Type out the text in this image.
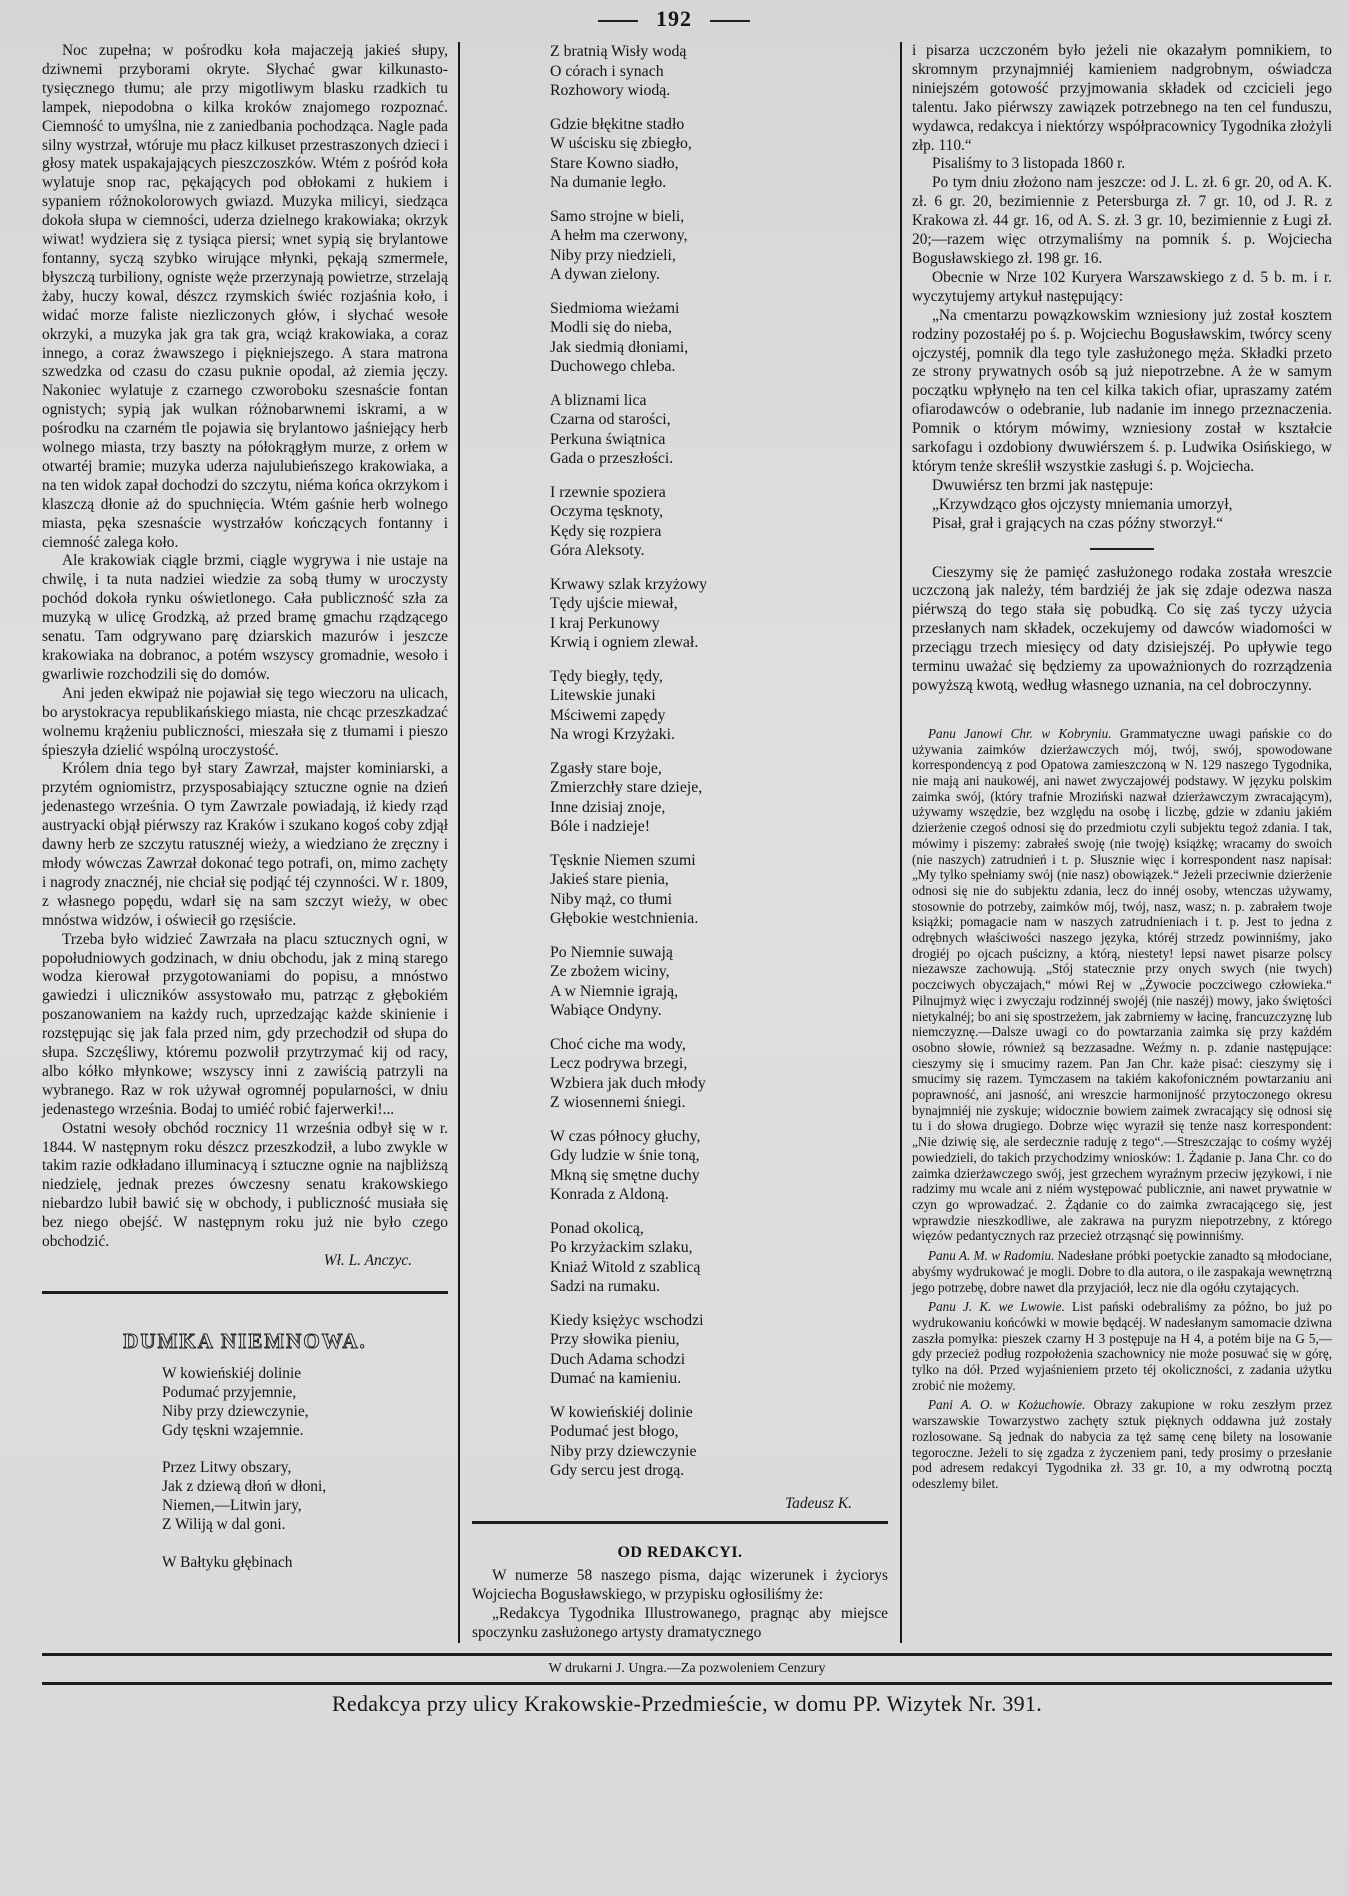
192

Noc zupełna; w pośrodku koła majaczeją jakieś słupy, dziwnemi przyborami okryte. Słychać gwar kilkunasto-tysięcznego tłumu; ale przy migotliwym blasku rzadkich tu lampek, niepodobna o kilka kroków znajomego rozpoznać. Ciemność to umyślna, nie z zaniedbania pochodząca. Nagle pada silny wystrzał, wtóruje mu płacz kilkuset przestraszonych dzieci i głosy matek uspakajających pieszczoszków. Wtém z pośród koła wylatuje snop rac, pękających pod obłokami z hukiem i sypaniem różnokolorowych gwiazd. Muzyka milicyi, siedząca dokoła słupa w ciemności, uderza dzielnego krakowiaka; okrzyk wiwat! wydziera się z tysiąca piersi; wnet sypią się brylantowe fontanny, syczą szybko wirujące młynki, pękają szmermele, błyszczą turbiliony, ogniste węże przerzynają powietrze, strzelają żaby, huczy kowal, dészcz rzymskich świéc rozjaśnia koło, i widać morze faliste niezliczonych głów, i słychać wesołe okrzyki, a muzyka jak gra tak gra, wciąż krakowiaka, a coraz innego, a coraz żwawszego i piękniejszego. A stara matrona szwedzka od czasu do czasu puknie opodal, aż ziemia jęczy. Nakoniec wylatuje z czarnego czworoboku szesnaście fontan ognistych; sypią jak wulkan różnobarwnemi iskrami, a w pośrodku na czarném tle pojawia się brylantowo jaśniejący herb wolnego miasta, trzy baszty na półokrągłym murze, z orłem w otwartéj bramie; muzyka uderza najulubieńszego krakowiaka, a na ten widok zapał dochodzi do szczytu, niéma końca okrzykom i klaszczą dłonie aż do spuchnięcia. Wtém gaśnie herb wolnego miasta, pęka szesnaście wystrzałów kończących fontanny i ciemność zalega koło.

Ale krakowiak ciągle brzmi, ciągle wygrywa i nie ustaje na chwilę, i ta nuta nadziei wiedzie za sobą tłumy w uroczysty pochód dokoła rynku oświetlonego. Cała publiczność szła za muzyką w ulicę Grodzką, aż przed bramę gmachu rządzącego senatu. Tam odgrywano parę dziarskich mazurów i jeszcze krakowiaka na dobranoc, a potém wszyscy gromadnie, wesoło i gwarliwie rozchodzili się do domów.

Ani jeden ekwipaż nie pojawiał się tego wieczoru na ulicach, bo arystokracya republikańskiego miasta, nie chcąc przeszkadzać wolnemu krążeniu publiczności, mieszała się z tłumami i pieszo śpieszyła dzielić wspólną uroczystość.

Królem dnia tego był stary Zawrzał, majster kominiarski, a przytém ogniomistrz, przysposabiający sztuczne ognie na dzień jedenastego września. O tym Zawrzale powiadają, iż kiedy rząd austryacki objął piérwszy raz Kraków i szukano kogoś coby zdjął dawny herb ze szczytu ratusznéj wieży, a wiedziano że zręczny i młody wówczas Zawrzał dokonać tego potrafi, on, mimo zachęty i nagrody znacznéj, nie chciał się podjąć téj czynności. W r. 1809, z własnego popędu, wdarł się na sam szczyt wieży, w obec mnóstwa widzów, i oświecił go rzęsiście.

Trzeba było widzieć Zawrzała na placu sztucznych ogni, w popołudniowych godzinach, w dniu obchodu, jak z miną starego wodza kierował przygotowaniami do popisu, a mnóstwo gawiedzi i uliczników assystowało mu, patrząc z głębokiém poszanowaniem na każdy ruch, uprzedzając każde skinienie i rozstępując się jak fala przed nim, gdy przechodził od słupa do słupa. Szczęśliwy, któremu pozwolił przytrzymać kij od racy, albo kółko młynkowe; wszyscy inni z zawiścią patrzyli na wybranego. Raz w rok używał ogromnéj popularności, w dniu jedenastego września. Bodaj to umiéć robić fajerwerki!...

Ostatni wesoły obchód rocznicy 11 września odbył się w r. 1844. W następnym roku dészcz przeszkodził, a lubo zwykle w takim razie odkładano illuminacyą i sztuczne ognie na najbliższą niedzielę, jednak prezes ówczesny senatu krakowskiego niebardzo lubił bawić się w obchody, i publiczność musiała się bez niego obejść. W następnym roku już nie było czego obchodzić.

Wł. L. Anczyc.
DUMKA NIEMNOWA.
W kowieńskiéj dolinie
Podumać przyjemnie,
Niby przy dziewczynie,
Gdy tęskni wzajemnie.
Przez Litwy obszary,
Jak z dziewą dłoń w dłoni,
Niemen,—Litwin jary,
Z Wiliją w dal goni.
W Bałtyku głębinach
Z bratnią Wisły wodą
O córach i synach
Rozhowory wiodą.
Gdzie błękitne stadło
W uścisku się zbiegło,
Stare Kowno siadło,
Na dumanie legło.
Samo strojne w bieli,
A hełm ma czerwony,
Niby przy niedzieli,
A dywan zielony.
Siedmioma wieżami
Modli się do nieba,
Jak siedmią dłoniami,
Duchowego chleba.
A bliznami lica
Czarna od starości,
Perkuna świątnica
Gada o przeszłości.
I rzewnie spoziera
Oczyma tęsknoty,
Kędy się rozpiera
Góra Aleksoty.
Krwawy szlak krzyżowy
Tędy ujście miewał,
I kraj Perkunowy
Krwią i ogniem zlewał.
Tędy biegły, tędy,
Litewskie junaki
Mściwemi zapędy
Na wrogi Krzyżaki.
Zgasły stare boje,
Zmierzchły stare dzieje,
Inne dzisiaj znoje,
Bóle i nadzieje!
Tęsknie Niemen szumi
Jakieś stare pienia,
Niby mąż, co tłumi
Głębokie westchnienia.
Po Niemnie suwają
Ze zbożem wiciny,
A w Niemnie igrają,
Wabiące Ondyny.
Choć ciche ma wody,
Lecz podrywa brzegi,
Wzbiera jak duch młody
Z wiosennemi śniegi.
W czas północy głuchy,
Gdy ludzie w śnie toną,
Mkną się smętne duchy
Konrada z Aldoną.
Ponad okolicą,
Po krzyżackim szlaku,
Kniaź Witold z szablicą
Sadzi na rumaku.
Kiedy księżyc wschodzi
Przy słowika pieniu,
Duch Adama schodzi
Dumać na kamieniu.
W kowieńskiéj dolinie
Podumać jest błogo,
Niby przy dziewczynie
Gdy sercu jest drogą.
Tadeusz K.
OD REDAKCYI.

W numerze 58 naszego pisma, dając wizerunek i życiorys Wojciecha Bogusławskiego, w przypisku ogłosiliśmy że:

„Redakcya Tygodnika Illustrowanego, pragnąc aby miejsce spoczynku zasłużonego artysty dramatycznego

i pisarza uczczoném było jeżeli nie okazałym pomnikiem, to skromnym przynajmniéj kamieniem nadgrobnym, oświadcza niniejszém gotowość przyjmowania składek od czcicieli jego talentu. Jako piérwszy zawiązek potrzebnego na ten cel funduszu, wydawca, redakcya i niektórzy współpracownicy Tygodnika złożyli złp. 110.“

Pisaliśmy to 3 listopada 1860 r.

Po tym dniu złożono nam jeszcze: od J. L. zł. 6 gr. 20, od A. K. zł. 6 gr. 20, bezimiennie z Petersburga zł. 7 gr. 10, od J. R. z Krakowa zł. 44 gr. 16, od A. S. zł. 3 gr. 10, bezimiennie z Ługi zł. 20;—razem więc otrzymaliśmy na pomnik ś. p. Wojciecha Bogusławskiego zł. 198 gr. 16.

Obecnie w Nrze 102 Kuryera Warszawskiego z d. 5 b. m. i r. wyczytujemy artykuł następujący:

„Na cmentarzu powązkowskim wzniesiony już został kosztem rodziny pozostałéj po ś. p. Wojciechu Bogusławskim, twórcy sceny ojczystéj, pomnik dla tego tyle zasłużonego męża. Składki przeto ze strony prywatnych osób są już niepotrzebne. A że w samym początku wpłynęło na ten cel kilka takich ofiar, upraszamy zatém ofiarodawców o odebranie, lub nadanie im innego przeznaczenia. Pomnik o którym mówimy, wzniesiony został w kształcie sarkofagu i ozdobiony dwuwiérszem ś. p. Ludwika Osińskiego, w którym tenże skreślił wszystkie zasługi ś. p. Wojciecha.

Dwuwiérsz ten brzmi jak następuje:

„Krzywdząco głos ojczysty mniemania umorzył,

Pisał, grał i grających na czas późny stworzył.“

Cieszymy się że pamięć zasłużonego rodaka została wreszcie uczczoną jak należy, tém bardziéj że jak się zdaje odezwa nasza piérwszą do tego stała się pobudką. Co się zaś tyczy użycia przesłanych nam składek, oczekujemy od dawców wiadomości w przeciągu trzech miesięcy od daty dzisiejszéj. Po upływie tego terminu uważać się będziemy za upoważnionych do rozrządzenia powyższą kwotą, według własnego uznania, na cel dobroczynny.

Panu Janowi Chr. w Kobryniu. Grammatyczne uwagi pańskie co do używania zaimków dzierżawczych mój, twój, swój, spowodowane korrespondencyą z pod Opatowa zamieszczoną w N. 129 naszego Tygodnika, nie mają ani naukowéj, ani nawet zwyczajowéj podstawy. W języku polskim zaimka swój, (który trafnie Mroziński nazwał dzierżawczym zwracającym), używamy wszędzie, bez względu na osobę i liczbę, gdzie w zdaniu jakiém dzierżenie czegoś odnosi się do przedmiotu czyli subjektu tegoż zdania. I tak, mówimy i piszemy: zabrałeś swoję (nie twoję) książkę; wracamy do swoich (nie naszych) zatrudnień i t. p. Słusznie więc i korrespondent nasz napisał: „My tylko spełniamy swój (nie nasz) obowiązek.“ Jeżeli przeciwnie dzierżenie odnosi się nie do subjektu zdania, lecz do innéj osoby, wtenczas używamy, stosownie do potrzeby, zaimków mój, twój, nasz, wasz; n. p. zabrałem twoje książki; pomagacie nam w naszych zatrudnieniach i t. p. Jest to jedna z odrębnych właściwości naszego języka, któréj strzedz powinniśmy, jako drogiéj po ojcach puścizny, a którą, niestety! lepsi nawet pisarze polscy niezawsze zachowują. „Stój statecznie przy onych swych (nie twych) poczciwych obyczajach,“ mówi Rej w „Żywocie poczciwego człowieka.“ Pilnujmyż więc i zwyczaju rodzinnéj swojéj (nie naszéj) mowy, jako świętości nietykalnéj; bo ani się spostrzeżem, jak zabrniemy w łacinę, francuzczyznę lub niemczyznę.—Dalsze uwagi co do powtarzania zaimka się przy każdém osobno słowie, również są bezzasadne. Weźmy n. p. zdanie następujące: cieszymy się i smucimy razem. Pan Jan Chr. każe pisać: cieszymy się i smucimy się razem. Tymczasem na takiém kakofoniczném powtarzaniu ani poprawność, ani jasność, ani wreszcie harmonijność przytoczonego okresu bynajmniéj nie zyskuje; widocznie bowiem zaimek zwracający się odnosi się tu i do słowa drugiego. Dobrze więc wyraził się tenże nasz korrespondent: „Nie dziwię się, ale serdecznie raduję z tego“.—Streszczając to cośmy wyżéj powiedzieli, do takich przychodzimy wniosków: 1. Żądanie p. Jana Chr. co do zaimka dzierżawczego swój, jest grzechem wyraźnym przeciw językowi, i nie radzimy mu wcale ani z niém występować publicznie, ani nawet prywatnie w czyn go wprowadzać. 2. Żądanie co do zaimka zwracającego się, jest wprawdzie nieszkodliwe, ale zakrawa na puryzm niepotrzebny, z którego więzów pedantycznych raz przecież otrząsnąć się powinniśmy.

Panu A. M. w Radomiu. Nadesłane próbki poetyckie zanadto są młodociane, abyśmy wydrukować je mogli. Dobre to dla autora, o ile zaspakaja wewnętrzną jego potrzebę, dobre nawet dla przyjaciół, lecz nie dla ogółu czytających.

Panu J. K. we Lwowie. List pański odebraliśmy za późno, bo już po wydrukowaniu końcówki w mowie będącéj. W nadesłanym samomacie dziwna zaszła pomyłka: pieszek czarny H 3 postępuje na H 4, a potém bije na G 5,—gdy przecież podług rozpołożenia szachownicy nie może posuwać się w górę, tylko na dół. Przed wyjaśnieniem przeto téj okoliczności, z zadania użytku zrobić nie możemy.

Pani A. O. w Kożuchowie. Obrazy zakupione w roku zeszłym przez warszawskie Towarzystwo zachęty sztuk pięknych oddawna już zostały rozlosowane. Są jednak do nabycia za tęż samę cenę bilety na losowanie tegoroczne. Jeżeli to się zgadza z życzeniem pani, tedy prosimy o przesłanie pod adresem redakcyi Tygodnika zł. 33 gr. 10, a my odwrotną pocztą odeszlemy bilet.

W drukarni J. Ungra.—Za pozwoleniem Cenzury
Redakcya przy ulicy Krakowskie-Przedmieście, w domu PP. Wizytek Nr. 391.
